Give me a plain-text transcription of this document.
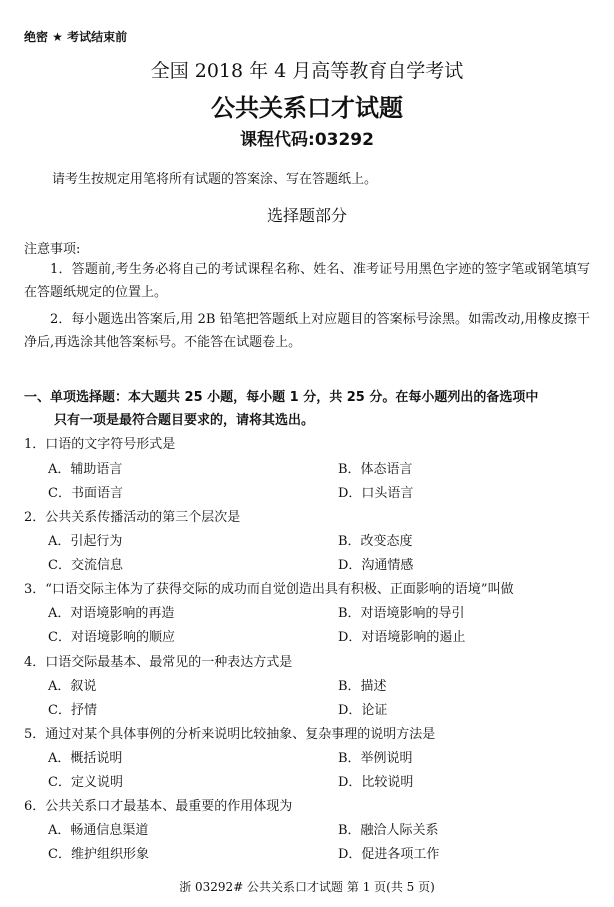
绝密 ★ 考试结束前
全国 2018 年 4 月高等教育自学考试
公共关系口才试题
课程代码:03292
请考生按规定用笔将所有试题的答案涂、写在答题纸上。
选择题部分
注意事项:
1．答题前,考生务必将自己的考试课程名称、姓名、准考证号用黑色字迹的签字笔或钢笔填写在答题纸规定的位置上。
2．每小题选出答案后,用 2B 铅笔把答题纸上对应题目的答案标号涂黑。如需改动,用橡皮擦干净后,再选涂其他答案标号。不能答在试题卷上。
一、单项选择题：本大题共 25 小题，每小题 1 分，共 25 分。在每小题列出的备选项中
只有一项是最符合题目要求的，请将其选出。
1．口语的文字符号形式是
A．辅助语言	B．体态语言
C．书面语言	D．口头语言
2．公共关系传播活动的第三个层次是
A．引起行为	B．改变态度
C．交流信息	D．沟通情感
3．“口语交际主体为了获得交际的成功而自觉创造出具有积极、正面影响的语境”叫做
A．对语境影响的再造	B．对语境影响的导引
C．对语境影响的顺应	D．对语境影响的遏止
4．口语交际最基本、最常见的一种表达方式是
A．叙说	B．描述
C．抒情	D．论证
5．通过对某个具体事例的分析来说明比较抽象、复杂事理的说明方法是
A．概括说明	B．举例说明
C．定义说明	D．比较说明
6．公共关系口才最基本、最重要的作用体现为
A．畅通信息渠道	B．融洽人际关系
C．维护组织形象	D．促进各项工作
浙 03292# 公共关系口才试题 第 1 页(共 5 页)
